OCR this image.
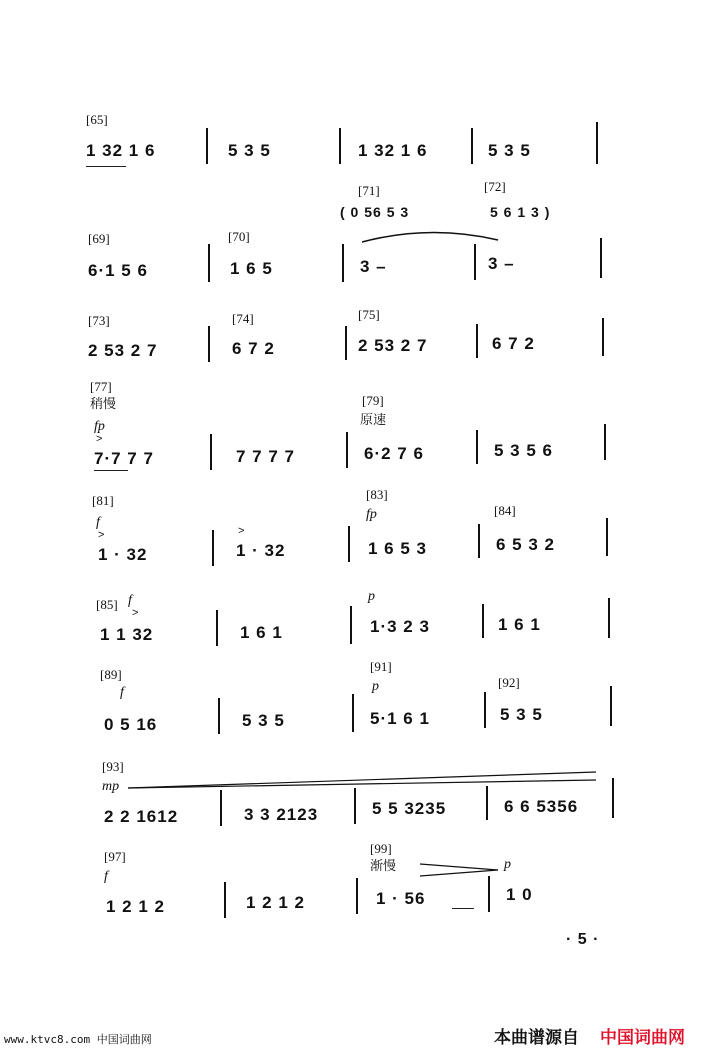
[65]
1 32 1 6	5 3 5	1 32 1 6	5 3 5
[71]	[72]
( 0 56 5 3	5 6 1 3 )
[69]	[70]
6·1 5 6	1 6 5	3 –	3 –
[73]	[74]	[75]
2 53 2 7	6 7 2	2 53 2 7	6 7 2
[77]
稍慢
fp
>
[79]
原速
7·7 7 7	7 7 7 7	6·2 7 6	5 3 5 6
[81]
f
>
[83]
fp	[84]
1 · 32
>
1 · 32	1 6 5 3	6 5 3 2
[85] f
>
p
1 1 32	1 6 1	1·3 2 3	1 6 1
[89]
f
[91]
p	[92]
0 5 16	5 3 5	5·1 6 1	5 3 5
[93]
mp
2 2 1612	3 3 2123	5 5 3235	6 6 5356
[97]
f
[99]
渐慢	p
1 2 1 2	1 2 1 2	1 · 56	1 0
· 5 ·
www.ktvc8.com 中国词曲网	本曲谱源自 中国词曲网
